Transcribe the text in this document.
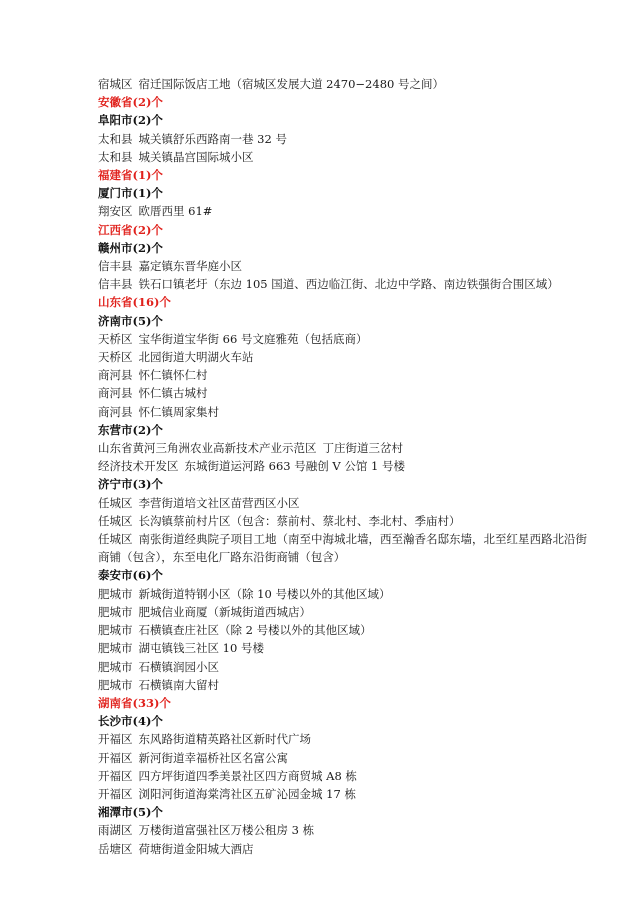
宿城区 宿迁国际饭店工地（宿城区发展大道 2470−2480 号之间）
安徽省(2)个
阜阳市(2)个
太和县 城关镇舒乐西路南一巷 32 号
太和县 城关镇晶宫国际城小区
福建省(1)个
厦门市(1)个
翔安区 欧厝西里 61#
江西省(2)个
赣州市(2)个
信丰县 嘉定镇东晋华庭小区
信丰县 铁石口镇老圩（东边 105 国道、西边临江街、北边中学路、南边铁强街合围区域）
山东省(16)个
济南市(5)个
天桥区 宝华街道宝华街 66 号文庭雅苑（包括底商）
天桥区 北园街道大明湖火车站
商河县 怀仁镇怀仁村
商河县 怀仁镇古城村
商河县 怀仁镇周家集村
东营市(2)个
山东省黄河三角洲农业高新技术产业示范区 丁庄街道三岔村
经济技术开发区 东城街道运河路 663 号融创 V 公馆 1 号楼
济宁市(3)个
任城区 李营街道培文社区苗营西区小区
任城区 长沟镇蔡前村片区（包含：蔡前村、蔡北村、李北村、季庙村）
任城区 南张街道经典院子项目工地（南至中海城北墙，西至瀚香名邸东墙，北至红星西路北沿街商铺（包含），东至电化厂路东沿街商铺（包含）
泰安市(6)个
肥城市 新城街道特钢小区（除 10 号楼以外的其他区域）
肥城市 肥城信业商厦（新城街道西城店）
肥城市 石横镇查庄社区（除 2 号楼以外的其他区域）
肥城市 湖屯镇钱三社区 10 号楼
肥城市 石横镇润园小区
肥城市 石横镇南大留村
湖南省(33)个
长沙市(4)个
开福区 东风路街道精英路社区新时代广场
开福区 新河街道幸福桥社区名富公寓
开福区 四方坪街道四季美景社区四方商贸城 A8 栋
开福区 浏阳河街道海棠湾社区五矿沁园金城 17 栋
湘潭市(5)个
雨湖区 万楼街道富强社区万楼公租房 3 栋
岳塘区 荷塘街道金阳城大酒店
